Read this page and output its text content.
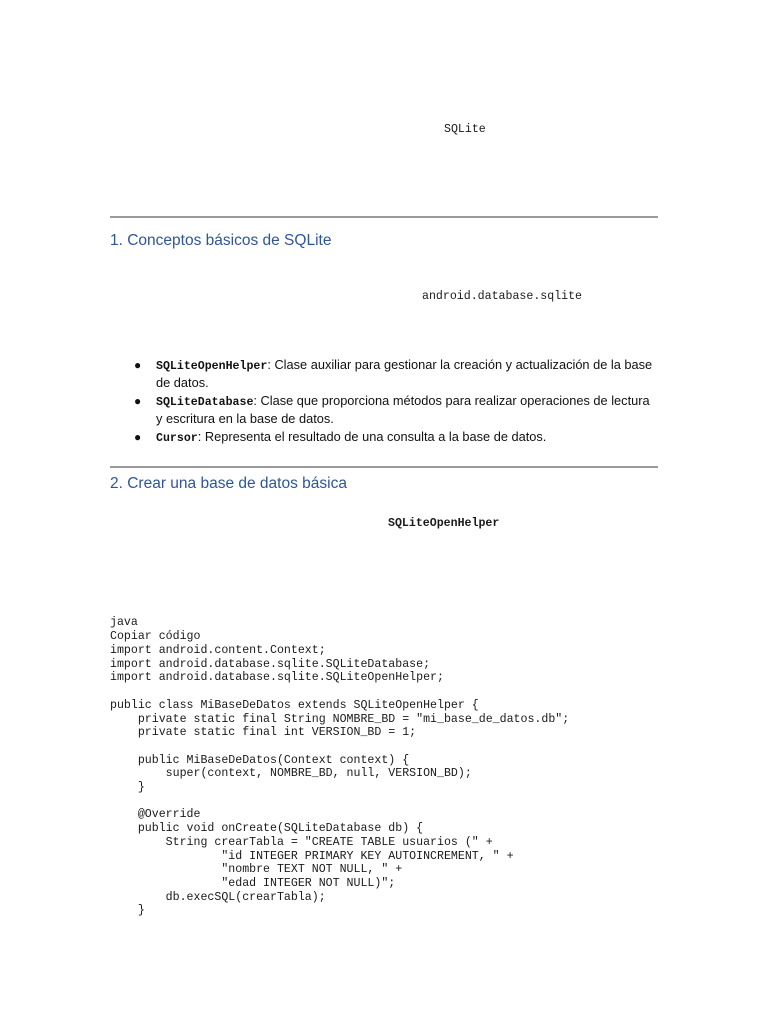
SQLite
1. Conceptos básicos de SQLite
android.database.sqlite
● SQLiteOpenHelper: Clase auxiliar para gestionar la creación y actualización de la base de datos.
● SQLiteDatabase: Clase que proporciona métodos para realizar operaciones de lectura y escritura en la base de datos.
● Cursor: Representa el resultado de una consulta a la base de datos.
2. Crear una base de datos básica
SQLiteOpenHelper
java
Copiar código
import android.content.Context;
import android.database.sqlite.SQLiteDatabase;
import android.database.sqlite.SQLiteOpenHelper;

public class MiBaseDeDatos extends SQLiteOpenHelper {
private static final String NOMBRE_BD = "mi_base_de_datos.db";
private static final int VERSION_BD = 1;

public MiBaseDeDatos(Context context) {
super(context, NOMBRE_BD, null, VERSION_BD);
}

@Override
public void onCreate(SQLiteDatabase db) {
String crearTabla = "CREATE TABLE usuarios (" +
"id INTEGER PRIMARY KEY AUTOINCREMENT, " +
"nombre TEXT NOT NULL, " +
"edad INTEGER NOT NULL)";
db.execSQL(crearTabla);
}
